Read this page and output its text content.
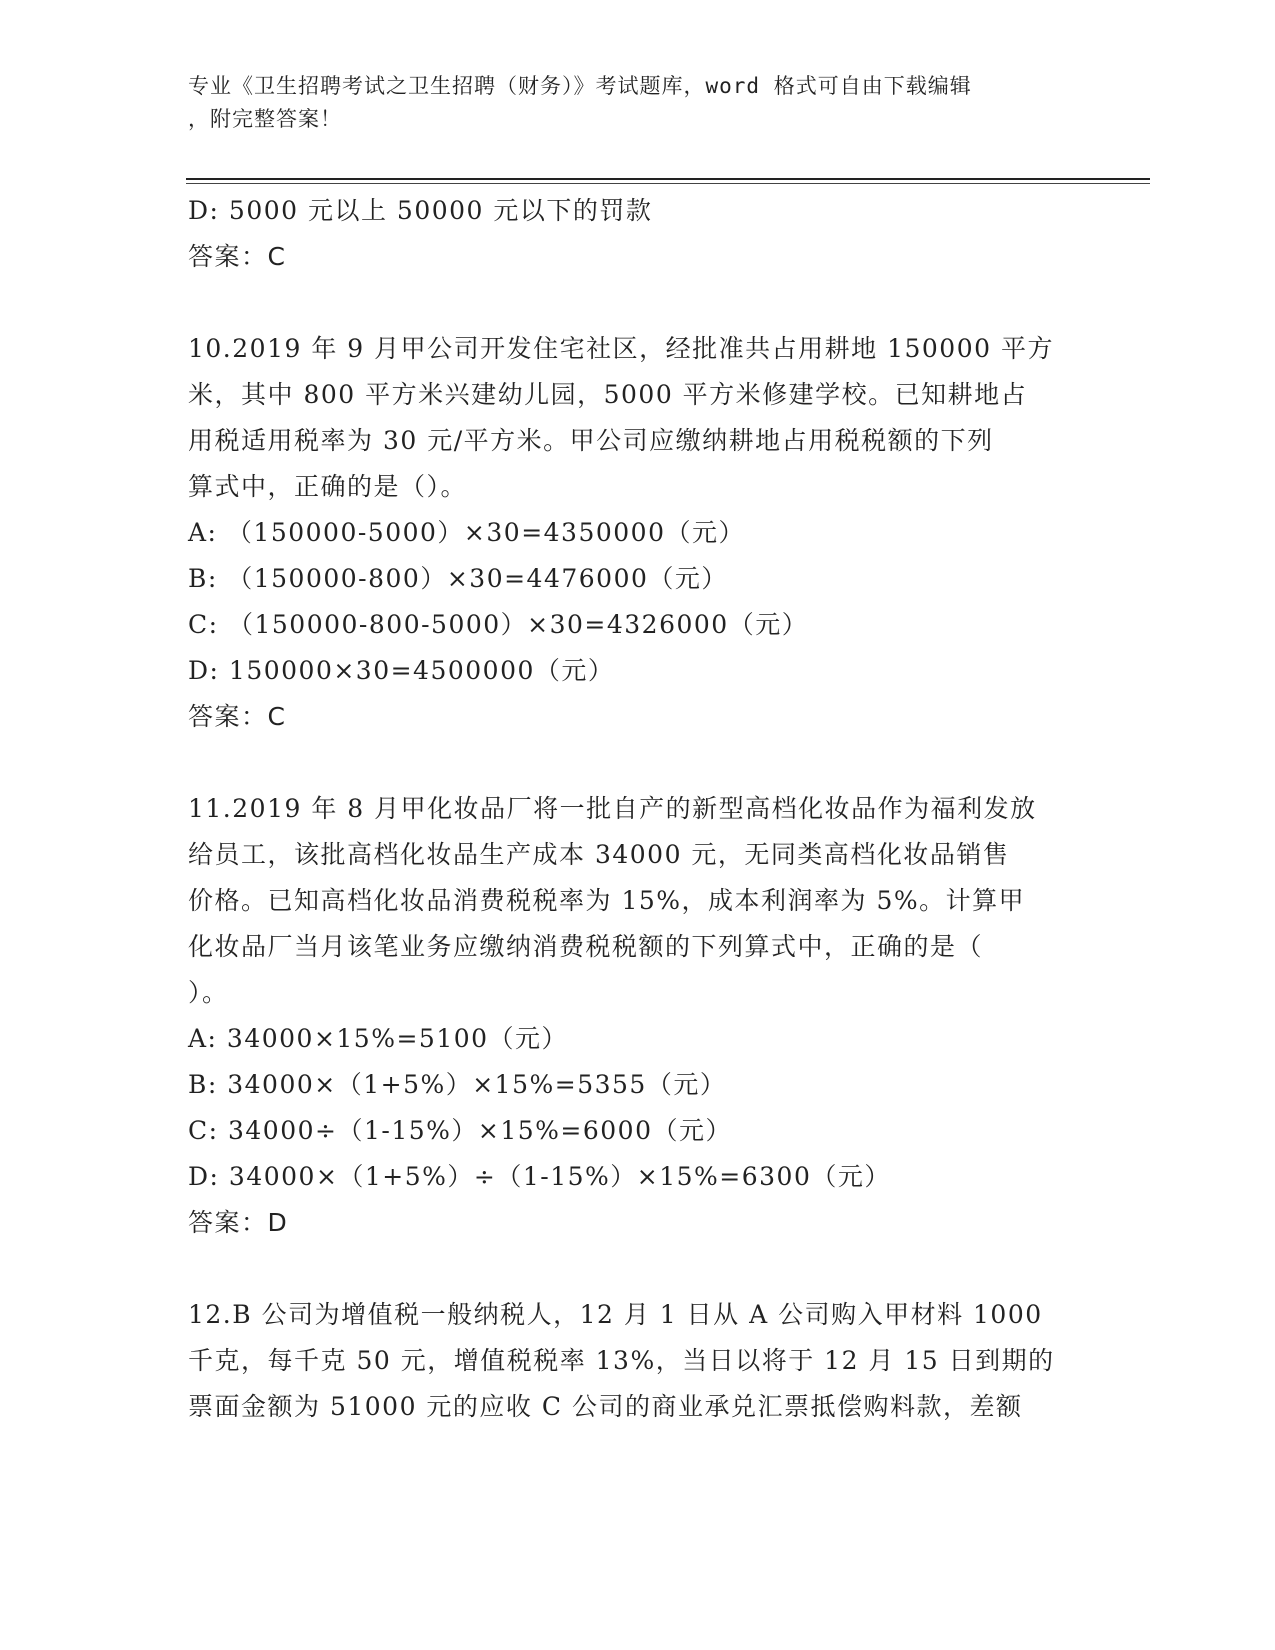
专业《卫生招聘考试之卫生招聘（财务）》考试题库，word 格式可自由下载编辑
，附完整答案！
D: 5000 元以上 50000 元以下的罚款
答案：C
10.2019 年 9 月甲公司开发住宅社区，经批准共占用耕地 150000 平方
米，其中 800 平方米兴建幼儿园，5000 平方米修建学校。已知耕地占
用税适用税率为 30 元/平方米。甲公司应缴纳耕地占用税税额的下列
算式中，正确的是（）。
A: （150000-5000）×30=4350000（元）
B: （150000-800）×30=4476000（元）
C: （150000-800-5000）×30=4326000（元）
D: 150000×30=4500000（元）
答案：C
11.2019 年 8 月甲化妆品厂将一批自产的新型高档化妆品作为福利发放
给员工，该批高档化妆品生产成本 34000 元，无同类高档化妆品销售
价格。已知高档化妆品消费税税率为 15%，成本利润率为 5%。计算甲
化妆品厂当月该笔业务应缴纳消费税税额的下列算式中，正确的是（
）。
A: 34000×15%=5100（元）
B: 34000×（1+5%）×15%=5355（元）
C: 34000÷（1-15%）×15%=6000（元）
D: 34000×（1+5%）÷（1-15%）×15%=6300（元）
答案：D
12.B 公司为增值税一般纳税人，12 月 1 日从 A 公司购入甲材料 1000
千克，每千克 50 元，增值税税率 13%，当日以将于 12 月 15 日到期的
票面金额为 51000 元的应收 C 公司的商业承兑汇票抵偿购料款，差额
